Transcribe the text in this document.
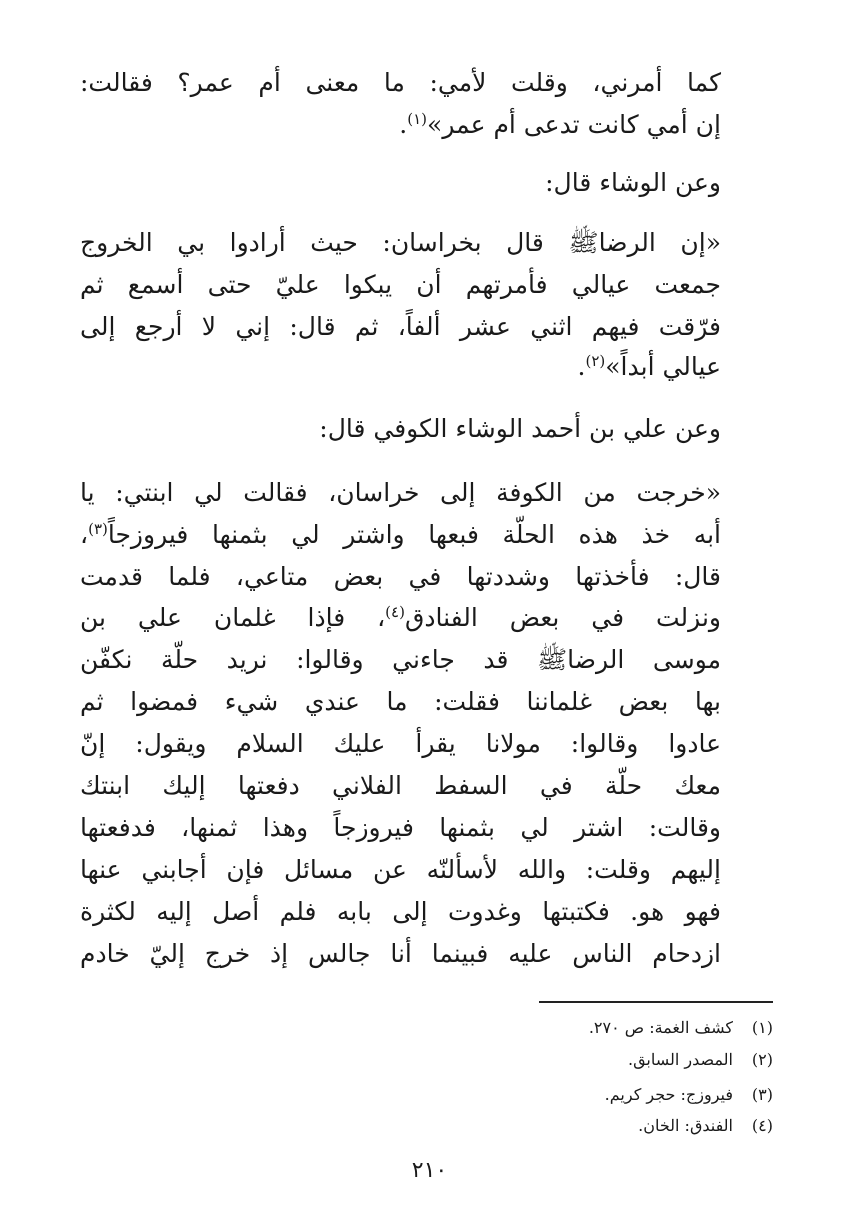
كما أمرني، وقلت لأمي: ما معنى أم عمر؟ فقالت:
إن أمي كانت تدعى أم عمر»$^{(١)}$.
وعن الوشاء قال:
«إن الرضاﷺ قال بخراسان: حيث أرادوا بي الخروج
جمعت عيالي فأمرتهم أن يبكوا عليّ حتى أسمع ثم
فرّقت فيهم اثني عشر ألفاً، ثم قال: إني لا أرجع إلى
عيالي أبداً»$^{(٢)}$.
وعن علي بن أحمد الوشاء الكوفي قال:
«خرجت من الكوفة إلى خراسان، فقالت لي ابنتي: يا
أبه خذ هذه الحلّة فبعها واشتر لي بثمنها فيروزجاً$^{(٣)}$،
قال: فأخذتها وشددتها في بعض متاعي، فلما قدمت
ونزلت في بعض الفنادق$^{(٤)}$، فإذا غلمان علي بن
موسى الرضاﷺ قد جاءني وقالوا: نريد حلّة نكفّن
بها بعض غلماننا فقلت: ما عندي شيء فمضوا ثم
عادوا وقالوا: مولانا يقرأ عليك السلام ويقول: إنّ
معك حلّة في السفط الفلاني دفعتها إليك ابنتك
وقالت: اشتر لي بثمنها فيروزجاً وهذا ثمنها، فدفعتها
إليهم وقلت: والله لأسألنّه عن مسائل فإن أجابني عنها
فهو هو. فكتبتها وغدوت إلى بابه فلم أصل إليه لكثرة
ازدحام الناس عليه فبينما أنا جالس إذ خرج إليّ خادم
(١)كشف الغمة: ص ٢٧٠.
(٢)المصدر السابق.
(٣)فيروزج: حجر كريم.
(٤)الفندق: الخان.
٢١٠
